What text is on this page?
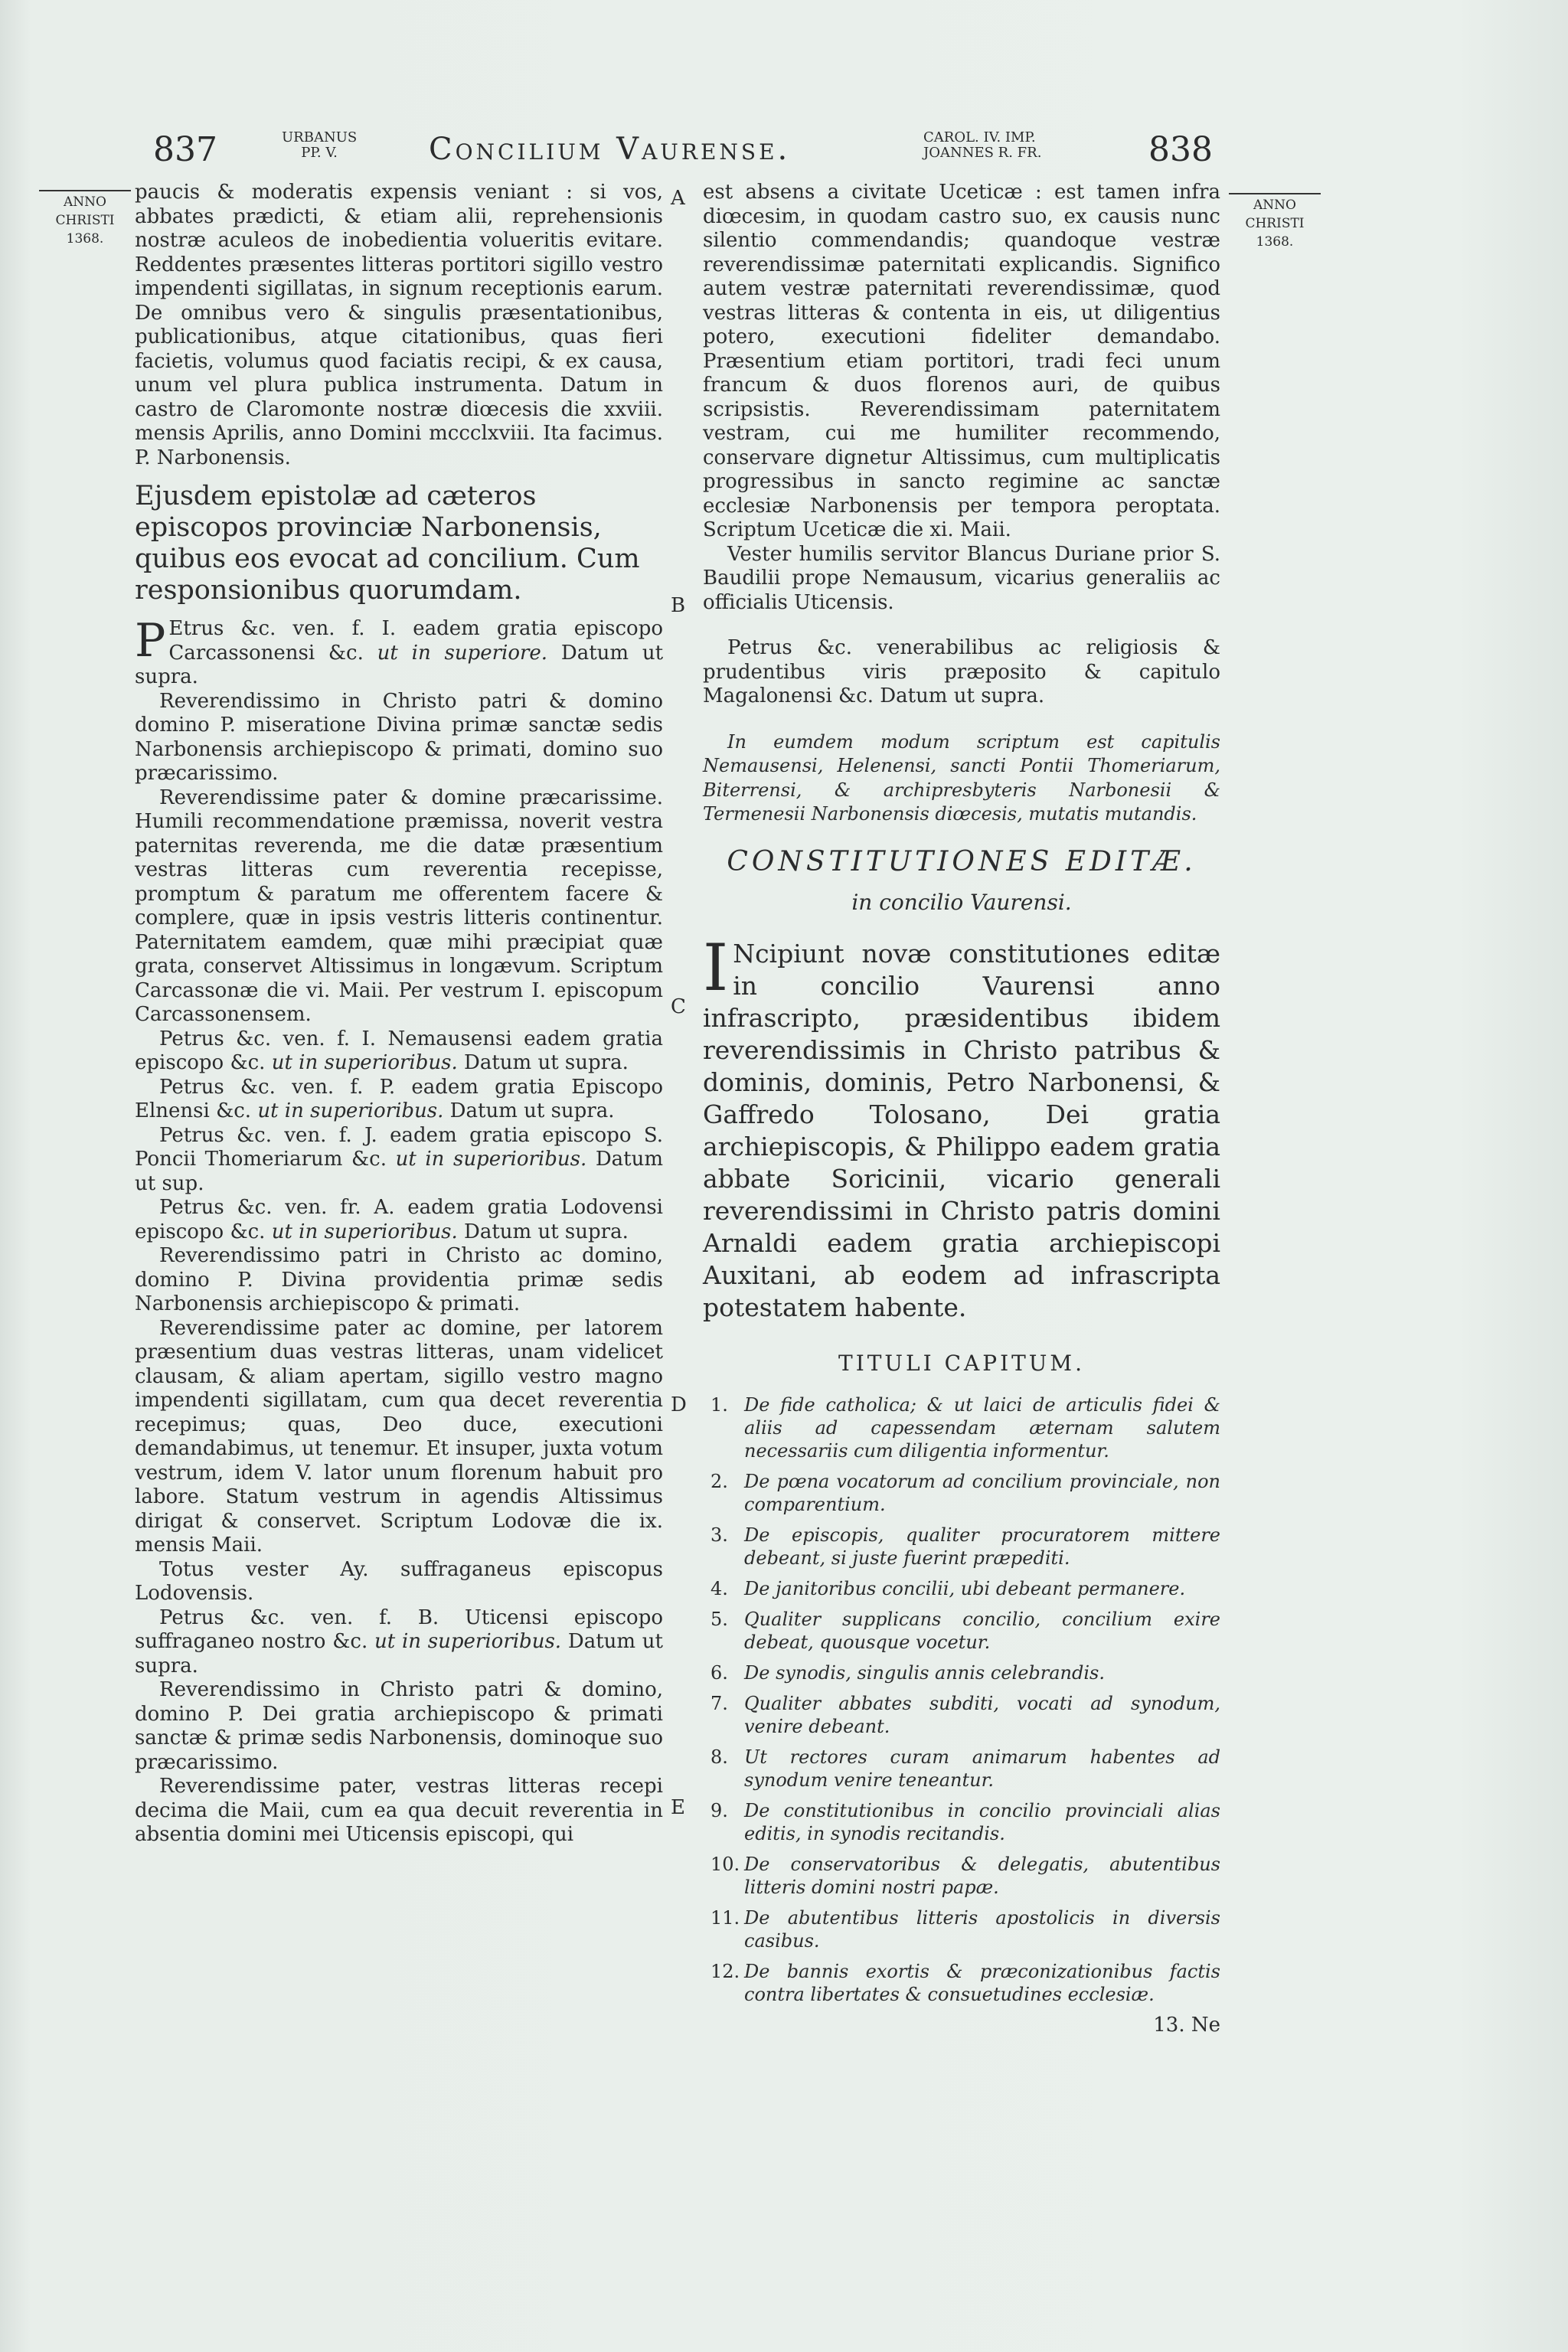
837	URBANUS
PP. V.	Concilium Vaurense.	CAROL. IV. IMP.
JOANNES R. FR.	838
ANNO
CHRISTI
1368.
ANNO
CHRISTI
1368.
A
B
C
D
E

paucis & moderatis expensis veniant : si vos, abbates prædicti, & etiam alii, reprehensionis nostræ aculeos de inobedientia volueritis evitare. Reddentes præsentes litteras portitori sigillo vestro impendenti sigillatas, in signum receptionis earum. De omnibus vero & singulis præsentationibus, publicationibus, atque citationibus, quas fieri facietis, volumus quod faciatis recipi, & ex causa, unum vel plura publica instrumenta. Datum in castro de Claromonte nostræ diœcesis die xxviii. mensis Aprilis, anno Domini mccclxviii. Ita facimus. P. Narbonensis.

Ejusdem epistolæ ad cæteros episcopos provinciæ Narbonensis, quibus eos evocat ad concilium. Cum responsionibus quorumdam.

P Etrus &c. ven. f. I. eadem gratia episcopo Carcassonensi &c. ut in superiore. Datum ut supra.

Reverendissimo in Christo patri & domino domino P. miseratione Divina primæ sanctæ sedis Narbonensis archiepiscopo & primati, domino suo præcarissimo.

Reverendissime pater & domine præcarissime. Humili recommendatione præmissa, noverit vestra paternitas reverenda, me die datæ præsentium vestras litteras cum reverentia recepisse, promptum & paratum me offerentem facere & complere, quæ in ipsis vestris litteris continentur. Paternitatem eamdem, quæ mihi præcipiat quæ grata, conservet Altissimus in longævum. Scriptum Carcassonæ die vi. Maii. Per vestrum I. episcopum Carcassonensem.

Petrus &c. ven. f. I. Nemausensi eadem gratia episcopo &c. ut in superioribus. Datum ut supra.

Petrus &c. ven. f. P. eadem gratia Episcopo Elnensi &c. ut in superioribus. Datum ut supra.

Petrus &c. ven. f. J. eadem gratia episcopo S. Poncii Thomeriarum &c. ut in superioribus. Datum ut sup.

Petrus &c. ven. fr. A. eadem gratia Lodovensi episcopo &c. ut in superioribus. Datum ut supra.

Reverendissimo patri in Christo ac domino, domino P. Divina providentia primæ sedis Narbonensis archiepiscopo & primati.

Reverendissime pater ac domine, per latorem præsentium duas vestras litteras, unam videlicet clausam, & aliam apertam, sigillo vestro magno impendenti sigillatam, cum qua decet reverentia recepimus; quas, Deo duce, executioni demandabimus, ut tenemur. Et insuper, juxta votum vestrum, idem V. lator unum florenum habuit pro labore. Statum vestrum in agendis Altissimus dirigat & conservet. Scriptum Lodovæ die ix. mensis Maii.

Totus vester Ay. suffraganeus episcopus Lodovensis.

Petrus &c. ven. f. B. Uticensi episcopo suffraganeo nostro &c. ut in superioribus. Datum ut supra.

Reverendissimo in Christo patri & domino, domino P. Dei gratia archiepiscopo & primati sanctæ & primæ sedis Narbonensis, dominoque suo præcarissimo.

Reverendissime pater, vestras litteras recepi decima die Maii, cum ea qua decuit reverentia in absentia domini mei Uticensis episcopi, qui

est absens a civitate Uceticæ : est tamen infra diœcesim, in quodam castro suo, ex causis nunc silentio commendandis; quandoque vestræ reverendissimæ paternitati explicandis. Significo autem vestræ paternitati reverendissimæ, quod vestras litteras & contenta in eis, ut diligentius potero, executioni fideliter demandabo. Præsentium etiam portitori, tradi feci unum francum & duos florenos auri, de quibus scripsistis. Reverendissimam paternitatem vestram, cui me humiliter recommendo, conservare dignetur Altissimus, cum multiplicatis progressibus in sancto regimine ac sanctæ ecclesiæ Narbonensis per tempora peroptata. Scriptum Uceticæ die xi. Maii.

Vester humilis servitor Blancus Duriane prior S. Baudilii prope Nemausum, vicarius generaliis ac officialis Uticensis.

Petrus &c. venerabilibus ac religiosis & prudentibus viris præposito & capitulo Magalonensi &c. Datum ut supra.

In eumdem modum scriptum est capitulis Nemausensi, Helenensi, sancti Pontii Thomeriarum, Biterrensi, & archipresbyteris Narbonesii & Termenesii Narbonensis diœcesis, mutatis mutandis.

CONSTITUTIONES EDITÆ.

in concilio Vaurensi.

I Ncipiunt novæ constitutiones editæ in concilio Vaurensi anno infrascripto, præsidentibus ibidem reverendissimis in Christo patribus & dominis, dominis, Petro Narbonensi, & Gaffredo Tolosano, Dei gratia archiepiscopis, & Philippo eadem gratia abbate Soricinii, vicario generali reverendissimi in Christo patris domini Arnaldi eadem gratia archiepiscopi Auxitani, ab eodem ad infrascripta potestatem habente.

TITULI CAPITUM.

1. De fide catholica; & ut laici de articulis fidei & aliis ad capessendam æternam salutem necessariis cum diligentia informentur.
2. De pœna vocatorum ad concilium provinciale, non comparentium.
3. De episcopis, qualiter procuratorem mittere debeant, si juste fuerint præpediti.
4. De janitoribus concilii, ubi debeant permanere.
5. Qualiter supplicans concilio, concilium exire debeat, quousque vocetur.
6. De synodis, singulis annis celebrandis.
7. Qualiter abbates subditi, vocati ad synodum, venire debeant.
8. Ut rectores curam animarum habentes ad synodum venire teneantur.
9. De constitutionibus in concilio provinciali alias editis, in synodis recitandis.
10. De conservatoribus & delegatis, abutentibus litteris domini nostri papæ.
11. De abutentibus litteris apostolicis in diversis casibus.
12. De bannis exortis & præconizationibus factis contra libertates & consuetudines ecclesiæ.

13. Ne
